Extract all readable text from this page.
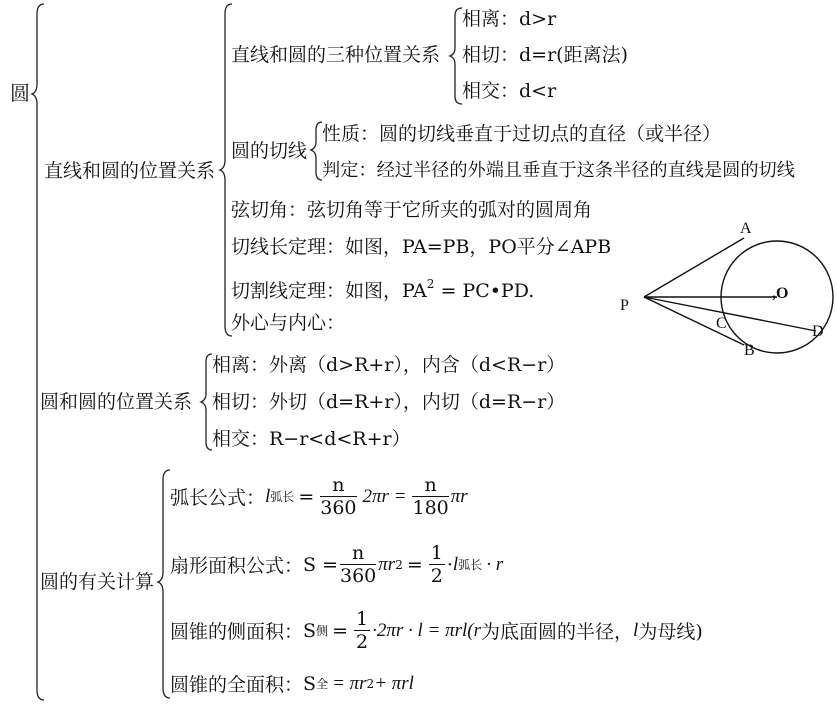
圆
直线和圆的位置关系
直线和圆的三种位置关系
相离：d>r
相切：d=r(距离法)
相交：d<r
圆的切线
性质：圆的切线垂直于过切点的直径（或半径）
判定：经过半径的外端且垂直于这条半径的直线是圆的切线
弦切角：弦切角等于它所夹的弧对的圆周角
切线长定理：如图，PA=PB，PO平分∠APB
切割线定理：如图，$PA^2$ = PC•PD.
外心与内心：
A
,O
P
C	D
B
圆和圆的位置关系
相离：外离（d>R+r），内含（d<R−r）
相切：外切（d=R+r），内切（d=R−r）
相交：R−r<d<R+r）
圆的有关计算
弧长公式： l 弧长 = $\frac{n}{360} 2\pi r = \frac{n}{180}$ πr
扇形面积公式： $S = \frac{n}{360}$ πr $2 = \frac{1}{2} \cdot l$ 弧长 · r
圆锥的侧面积： S 侧 = $\frac{1}{2} \cdot 2\pi r \cdot l = \pi rl$( r 为底面圆的半径， l 为母线)
圆锥的全面积： S 全 = πr 2 + πrl
